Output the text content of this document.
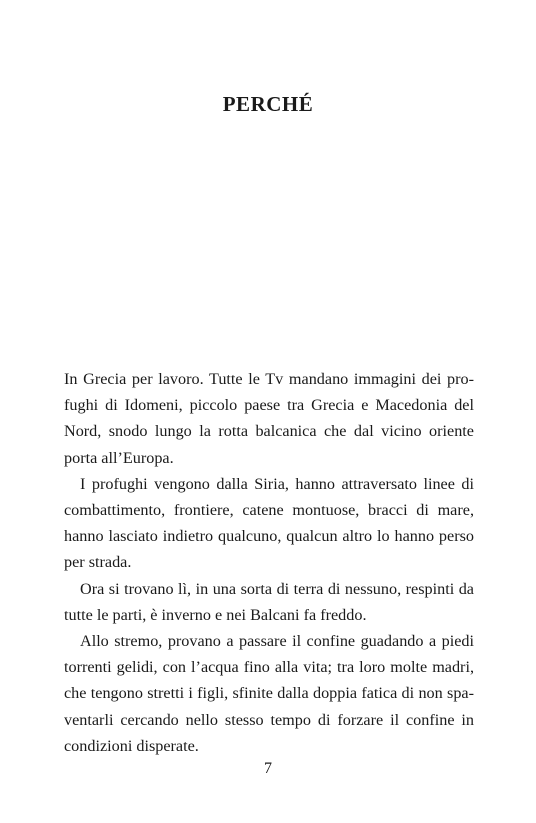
PERCHÉ

In Grecia per lavoro. Tutte le Tv mandano immagini dei pro-
fughi di Idomeni, piccolo paese tra Grecia e Macedonia del
Nord, snodo lungo la rotta balcanica che dal vicino oriente
porta all’Europa.

I profughi vengono dalla Siria, hanno attraversato linee di
combattimento, frontiere, catene montuose, bracci di mare,
hanno lasciato indietro qualcuno, qualcun altro lo hanno perso
per strada.

Ora si trovano lì, in una sorta di terra di nessuno, respinti da
tutte le parti, è inverno e nei Balcani fa freddo.

Allo stremo, provano a passare il confine guadando a piedi
torrenti gelidi, con l’acqua fino alla vita; tra loro molte madri,
che tengono stretti i figli, sfinite dalla doppia fatica di non spa-
ventarli cercando nello stesso tempo di forzare il confine in
condizioni disperate.

7
